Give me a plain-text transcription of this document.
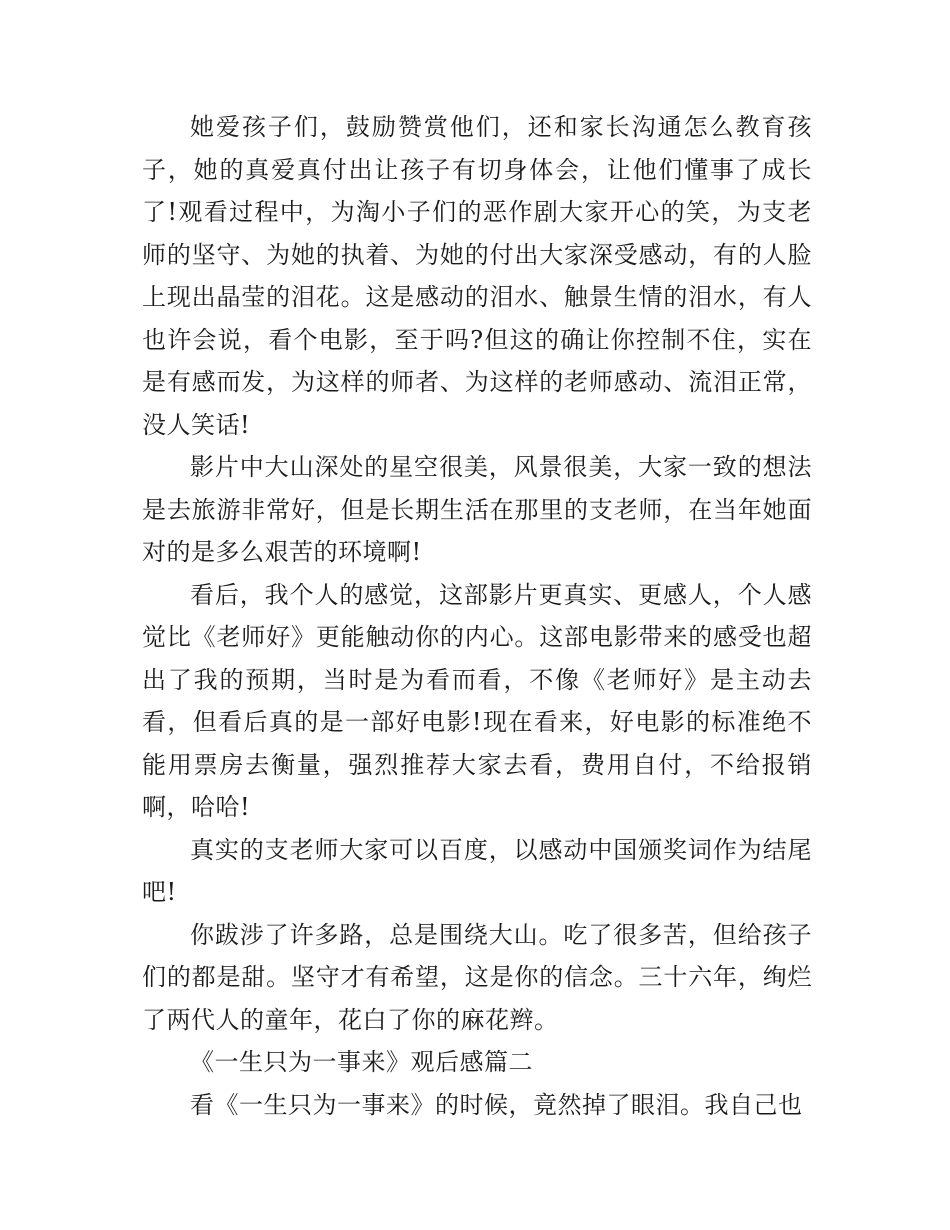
她爱孩子们，鼓励赞赏他们，还和家长沟通怎么教育孩子，她的真爱真付出让孩子有切身体会，让他们懂事了成长了!观看过程中，为淘小子们的恶作剧大家开心的笑，为支老师的坚守、为她的执着、为她的付出大家深受感动，有的人脸上现出晶莹的泪花。这是感动的泪水、触景生情的泪水，有人也许会说，看个电影，至于吗?但这的确让你控制不住，实在是有感而发，为这样的师者、为这样的老师感动、流泪正常，没人笑话!

影片中大山深处的星空很美，风景很美，大家一致的想法是去旅游非常好，但是长期生活在那里的支老师，在当年她面对的是多么艰苦的环境啊!

看后，我个人的感觉，这部影片更真实、更感人，个人感觉比《老师好》更能触动你的内心。这部电影带来的感受也超出了我的预期，当时是为看而看，不像《老师好》是主动去看，但看后真的是一部好电影!现在看来，好电影的标准绝不能用票房去衡量，强烈推荐大家去看，费用自付，不给报销啊，哈哈!

真实的支老师大家可以百度，以感动中国颁奖词作为结尾吧!

你跋涉了许多路，总是围绕大山。吃了很多苦，但给孩子们的都是甜。坚守才有希望，这是你的信念。三十六年，绚烂了两代人的童年，花白了你的麻花辫。

《一生只为一事来》观后感篇二

看《一生只为一事来》的时候，竟然掉了眼泪。我自己也
